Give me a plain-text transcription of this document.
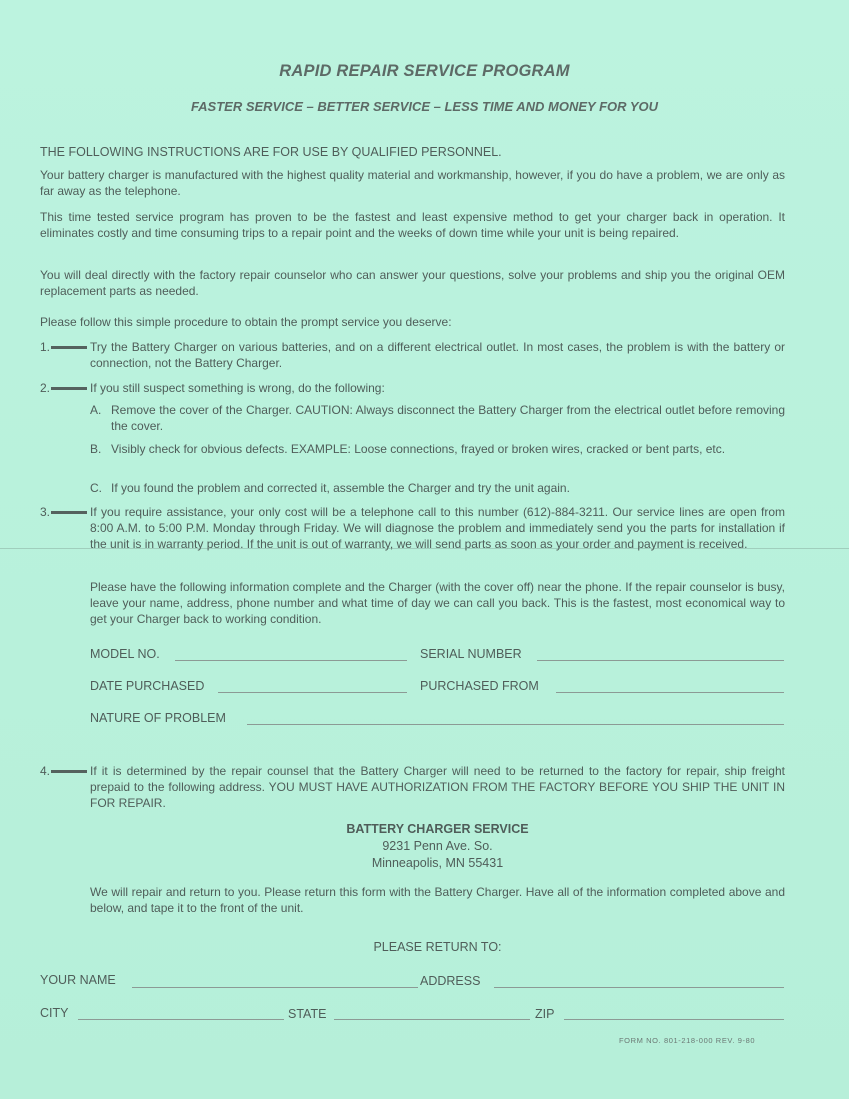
RAPID REPAIR SERVICE PROGRAM
FASTER SERVICE – BETTER SERVICE – LESS TIME AND MONEY FOR YOU
THE FOLLOWING INSTRUCTIONS ARE FOR USE BY QUALIFIED PERSONNEL.
Your battery charger is manufactured with the highest quality material and workmanship, however, if you do have a problem, we are only as far away as the telephone.
This time tested service program has proven to be the fastest and least expensive method to get your charger back in operation. It eliminates costly and time consuming trips to a repair point and the weeks of down time while your unit is being repaired.
You will deal directly with the factory repair counselor who can answer your questions, solve your problems and ship you the original OEM replacement parts as needed.
Please follow this simple procedure to obtain the prompt service you deserve:
1.	Try the Battery Charger on various batteries, and on a different electrical outlet. In most cases, the problem is with the battery or connection, not the Battery Charger.
2.	If you still suspect something is wrong, do the following:
A. Remove the cover of the Charger. CAUTION: Always disconnect the Battery Charger from the electrical outlet before removing the cover.
B. Visibly check for obvious defects. EXAMPLE: Loose connections, frayed or broken wires, cracked or bent parts, etc.
C. If you found the problem and corrected it, assemble the Charger and try the unit again.
3.	If you require assistance, your only cost will be a telephone call to this number (612)-884-3211. Our service lines are open from 8:00 A.M. to 5:00 P.M. Monday through Friday. We will diagnose the problem and immediately send you the parts for installation if the unit is in warranty period. If the unit is out of warranty, we will send parts as soon as your order and payment is received.
Please have the following information complete and the Charger (with the cover off) near the phone. If the repair counselor is busy, leave your name, address, phone number and what time of day we can call you back. This is the fastest, most economical way to get your Charger back to working condition.
MODEL NO.	SERIAL NUMBER
DATE PURCHASED	PURCHASED FROM
NATURE OF PROBLEM
4.	If it is determined by the repair counsel that the Battery Charger will need to be returned to the factory for repair, ship freight prepaid to the following address. YOU MUST HAVE AUTHORIZATION FROM THE FACTORY BEFORE YOU SHIP THE UNIT IN FOR REPAIR.
BATTERY CHARGER SERVICE
9231 Penn Ave. So.
Minneapolis, MN 55431
We will repair and return to you. Please return this form with the Battery Charger. Have all of the information completed above and below, and tape it to the front of the unit.
PLEASE RETURN TO:
YOUR NAME	ADDRESS
CITY	STATE	ZIP
FORM NO. 801-218-000 REV. 9-80
